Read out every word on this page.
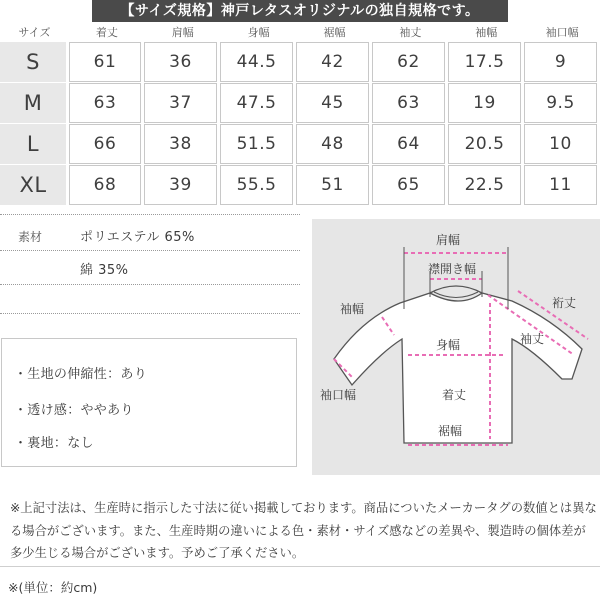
【サイズ規格】神戸レタスオリジナルの独自規格です。
サイズ	着丈	肩幅	身幅	裾幅	袖丈	袖幅	袖口幅
S	61	36	44.5	42	62	17.5	9
M	63	37	47.5	45	63	19	9.5
L	66	38	51.5	48	64	20.5	10
XL	68	39	55.5	51	65	22.5	11
素材	ポリエステル 65%
綿 35%
・生地の伸縮性：あり
・透け感：ややあり
・裏地：なし
肩幅
襟開き幅
袖幅	裄丈
袖丈
身幅
袖口幅	着丈
裾幅
※上記寸法は、生産時に指示した寸法に従い掲載しております。商品についたメーカータグの数値とは異なる場合がございます。また、生産時期の違いによる色・素材・サイズ感などの差異や、製造時の個体差が多少生じる場合がございます。予めご了承ください。
※(単位：約cm)
